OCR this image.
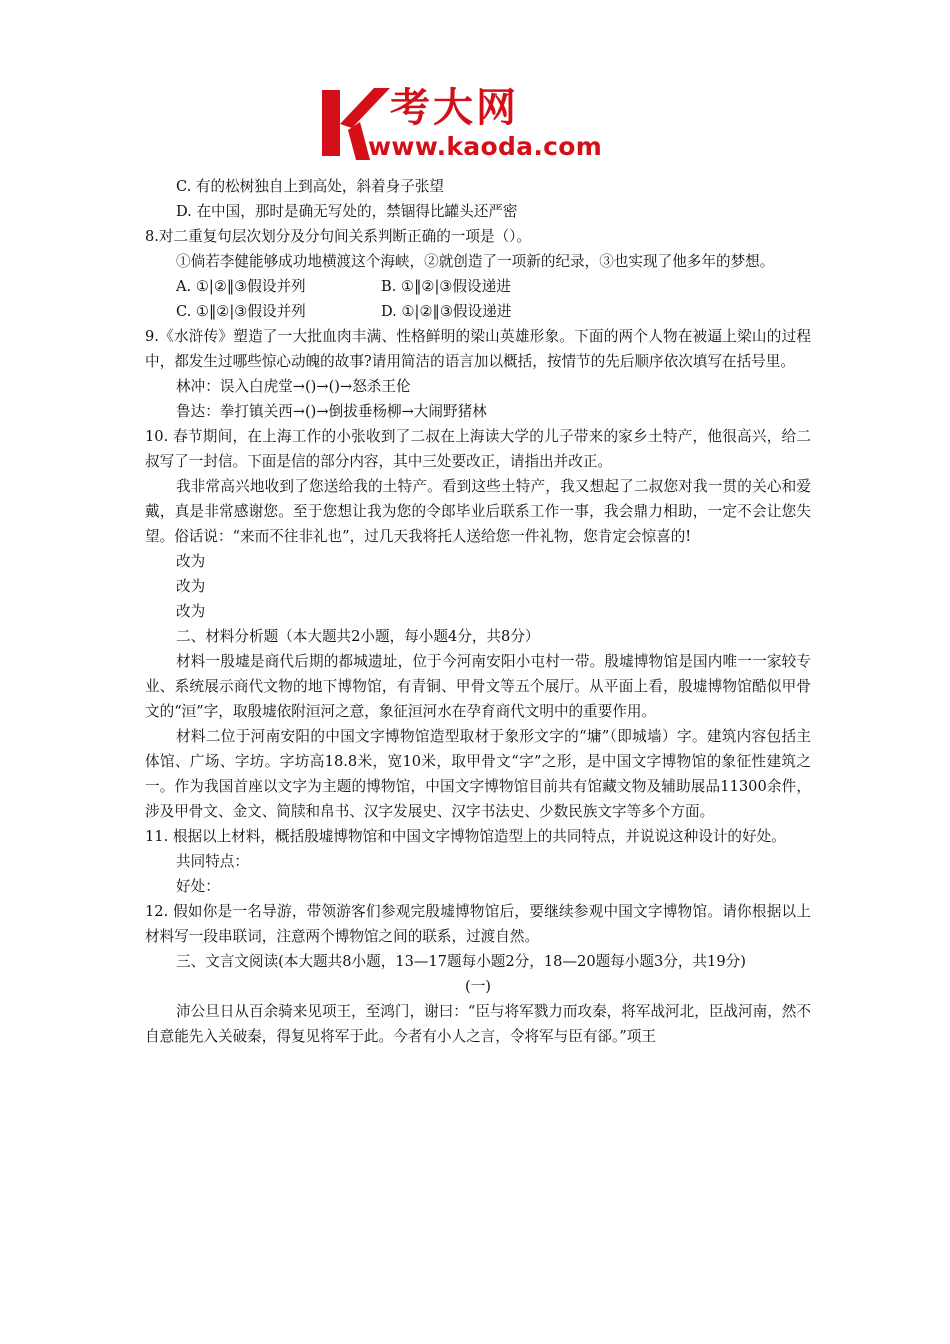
考大网
www.kaoda.com

C. 有的松树独自上到高处，斜着身子张望

D. 在中国，那时是确无写处的，禁锢得比罐头还严密

8.对二重复句层次划分及分句间关系判断正确的一项是（）。

①倘若李健能够成功地横渡这个海峡，②就创造了一项新的纪录，③也实现了他多年的梦想。

A. ①|②‖③假设并列	B. ①‖②|③假设递进
C. ①‖②|③假设并列	D. ①|②‖③假设递进

9.《水浒传》塑造了一大批血肉丰满、性格鲜明的梁山英雄形象。下面的两个人物在被逼上梁山的过程中，都发生过哪些惊心动魄的故事?请用简洁的语言加以概括，按情节的先后顺序依次填写在括号里。

林冲：误入白虎堂→()→()→怒杀王伦

鲁达：拳打镇关西→()→倒拔垂杨柳→大闹野猪林

10. 春节期间，在上海工作的小张收到了二叔在上海读大学的儿子带来的家乡土特产，他很高兴，给二叔写了一封信。下面是信的部分内容，其中三处要改正，请指出并改正。

我非常高兴地收到了您送给我的土特产。看到这些土特产，我又想起了二叔您对我一贯的关心和爱戴，真是非常感谢您。至于您想让我为您的令郎毕业后联系工作一事，我会鼎力相助，一定不会让您失望。俗话说：“来而不往非礼也”，过几天我将托人送给您一件礼物，您肯定会惊喜的!

改为

改为

改为

二、材料分析题（本大题共2小题，每小题4分，共8分）

材料一殷墟是商代后期的都城遗址，位于今河南安阳小屯村一带。殷墟博物馆是国内唯一一家较专业、系统展示商代文物的地下博物馆，有青铜、甲骨文等五个展厅。从平面上看，殷墟博物馆酷似甲骨文的“洹”字，取殷墟依附洹河之意，象征洹河水在孕育商代文明中的重要作用。

材料二位于河南安阳的中国文字博物馆造型取材于象形文字的“墉”（即城墙）字。建筑内容包括主体馆、广场、字坊。字坊高18.8米，宽10米，取甲骨文“字”之形，是中国文字博物馆的象征性建筑之一。作为我国首座以文字为主题的博物馆，中国文字博物馆目前共有馆藏文物及辅助展品11300余件，涉及甲骨文、金文、简牍和帛书、汉字发展史、汉字书法史、少数民族文字等多个方面。

11. 根据以上材料，概括殷墟博物馆和中国文字博物馆造型上的共同特点，并说说这种设计的好处。

共同特点：

好处：

12. 假如你是一名导游，带领游客们参观完殷墟博物馆后，要继续参观中国文字博物馆。请你根据以上材料写一段串联词，注意两个博物馆之间的联系，过渡自然。

三、文言文阅读(本大题共8小题，13—17题每小题2分，18—20题每小题3分，共19分)

(一)

沛公旦日从百余骑来见项王，至鸿门，谢曰：“臣与将军戮力而攻秦，将军战河北，臣战河南，然不自意能先入关破秦，得复见将军于此。今者有小人之言，令将军与臣有郤。”项王
